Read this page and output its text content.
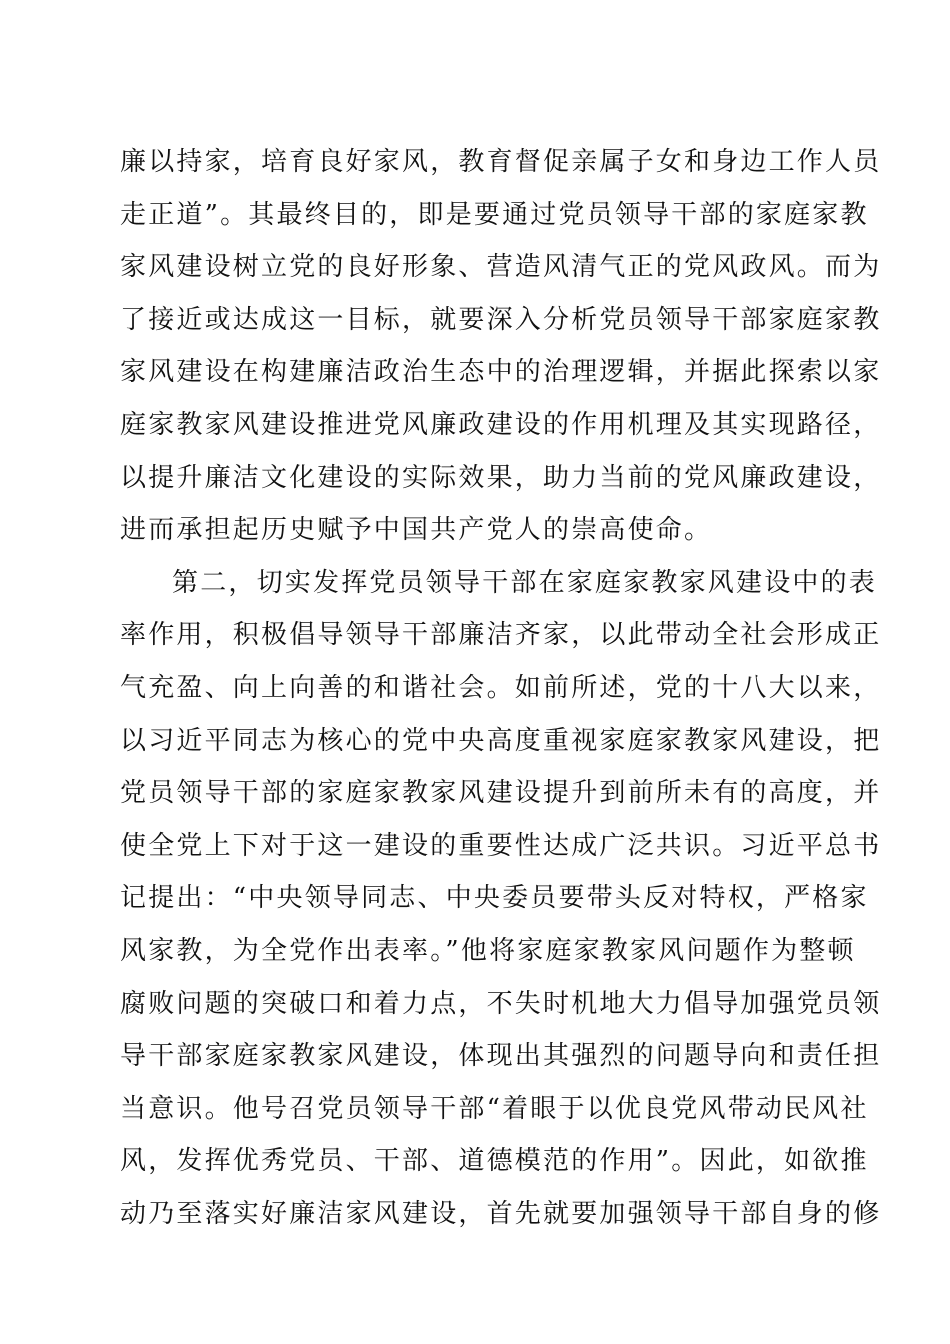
廉以持家，培育良好家风，教育督促亲属子女和身边工作人员
走正道”。其最终目的，即是要通过党员领导干部的家庭家教
家风建设树立党的良好形象、营造风清气正的党风政风。而为
了接近或达成这一目标，就要深入分析党员领导干部家庭家教
家风建设在构建廉洁政治生态中的治理逻辑，并据此探索以家
庭家教家风建设推进党风廉政建设的作用机理及其实现路径，
以提升廉洁文化建设的实际效果，助力当前的党风廉政建设，
进而承担起历史赋予中国共产党人的崇高使命。
第二，切实发挥党员领导干部在家庭家教家风建设中的表
率作用，积极倡导领导干部廉洁齐家，以此带动全社会形成正
气充盈、向上向善的和谐社会。如前所述，党的十八大以来，
以习近平同志为核心的党中央高度重视家庭家教家风建设，把
党员领导干部的家庭家教家风建设提升到前所未有的高度，并
使全党上下对于这一建设的重要性达成广泛共识。习近平总书
记提出：“中央领导同志、中央委员要带头反对特权，严格家
风家教，为全党作出表率。”他将家庭家教家风问题作为整顿
腐败问题的突破口和着力点，不失时机地大力倡导加强党员领
导干部家庭家教家风建设，体现出其强烈的问题导向和责任担
当意识。他号召党员领导干部“着眼于以优良党风带动民风社
风，发挥优秀党员、干部、道德模范的作用”。因此，如欲推
动乃至落实好廉洁家风建设，首先就要加强领导干部自身的修
